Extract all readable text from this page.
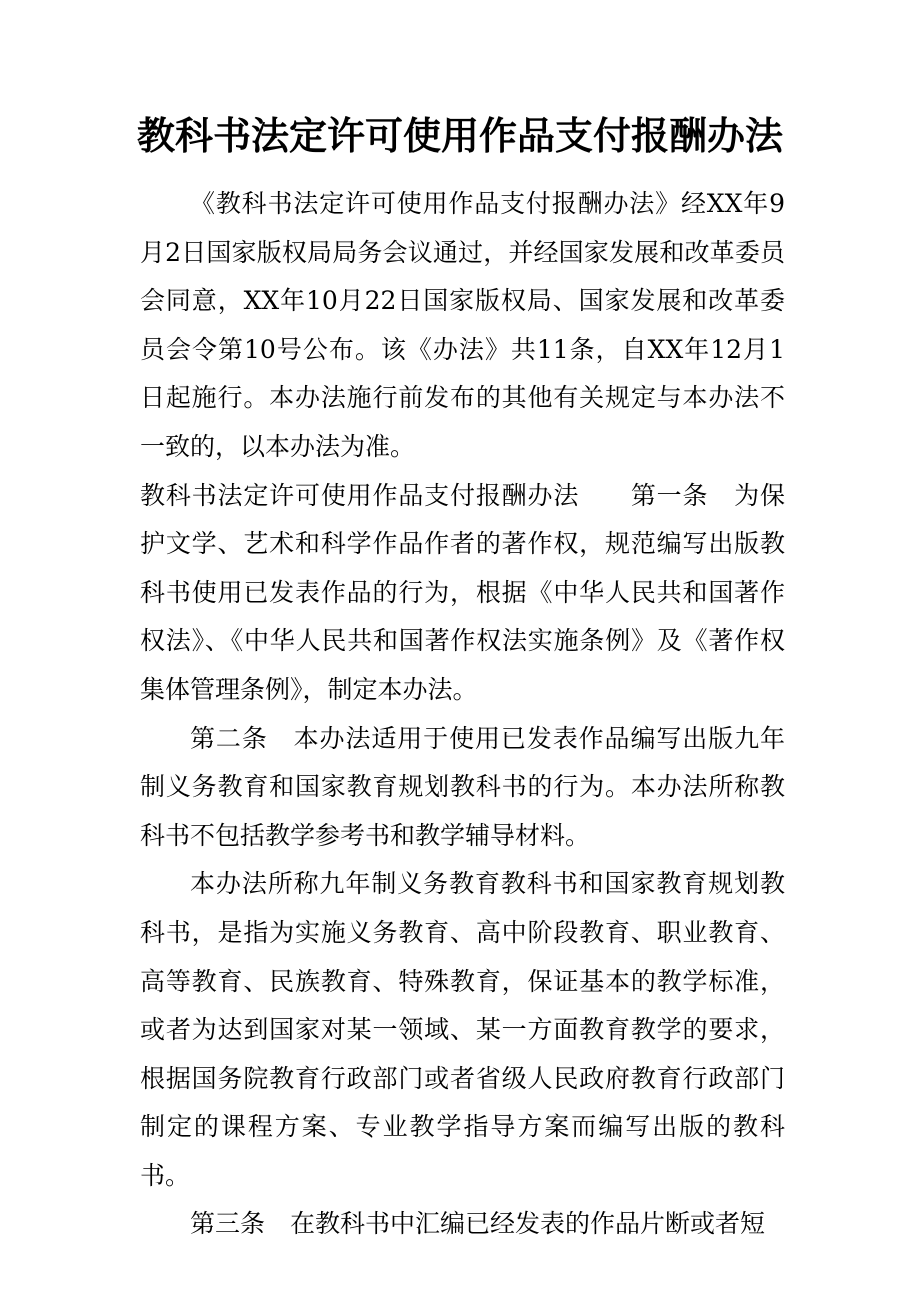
教科书法定许可使用作品支付报酬办法

《教科书法定许可使用作品支付报酬办法》经XX年9月2日国家版权局局务会议通过，并经国家发展和改革委员会同意，XX年10月22日国家版权局、国家发展和改革委员会令第10号公布。该《办法》共11条，自XX年12月1日起施行。本办法施行前发布的其他有关规定与本办法不一致的，以本办法为准。

教科书法定许可使用作品支付报酬办法　　第一条　为保护文学、艺术和科学作品作者的著作权，规范编写出版教科书使用已发表作品的行为，根据《中华人民共和国著作权法》、《中华人民共和国著作权法实施条例》及《著作权集体管理条例》，制定本办法。

第二条　本办法适用于使用已发表作品编写出版九年制义务教育和国家教育规划教科书的行为。本办法所称教科书不包括教学参考书和教学辅导材料。

本办法所称九年制义务教育教科书和国家教育规划教科书，是指为实施义务教育、高中阶段教育、职业教育、高等教育、民族教育、特殊教育，保证基本的教学标准，或者为达到国家对某一领域、某一方面教育教学的要求，根据国务院教育行政部门或者省级人民政府教育行政部门制定的课程方案、专业教学指导方案而编写出版的教科书。

第三条　在教科书中汇编已经发表的作品片断或者短
